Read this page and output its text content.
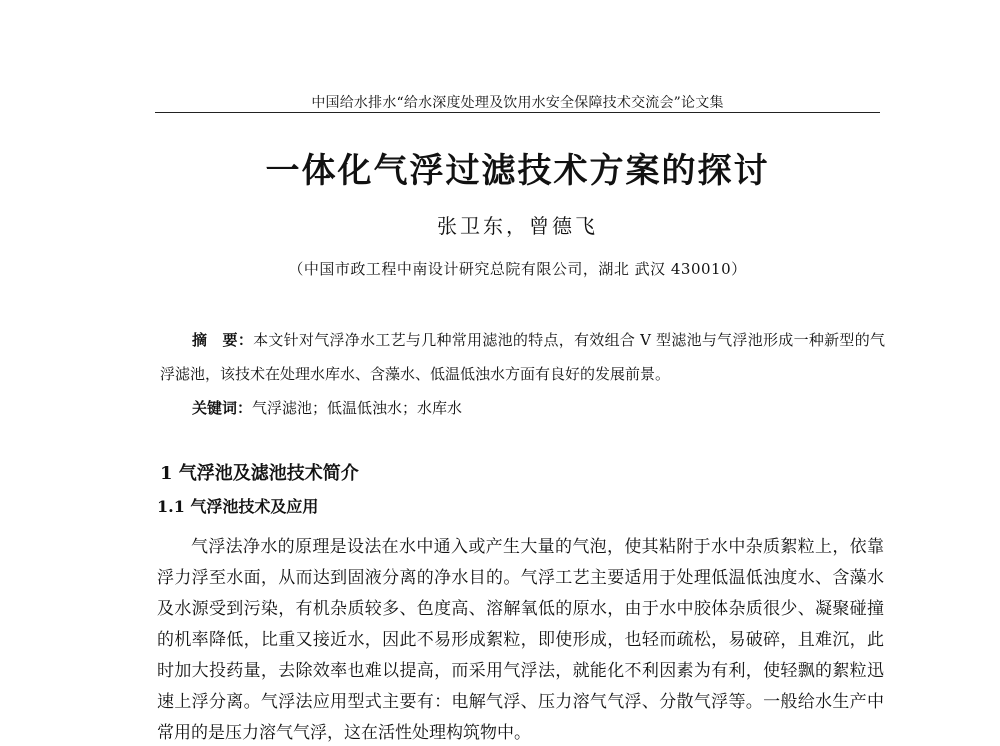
中国给水排水“给水深度处理及饮用水安全保障技术交流会”论文集
一体化气浮过滤技术方案的探讨
张卫东，曾德飞
（中国市政工程中南设计研究总院有限公司，湖北 武汉 430010）
摘　要：本文针对气浮净水工艺与几种常用滤池的特点，有效组合 V 型滤池与气浮池形成一种新型的气浮滤池，该技术在处理水库水、含藻水、低温低浊水方面有良好的发展前景。
关键词：气浮滤池；低温低浊水；水库水
1 气浮池及滤池技术简介
1.1 气浮池技术及应用
气浮法净水的原理是设法在水中通入或产生大量的气泡，使其粘附于水中杂质絮粒上，依靠浮力浮至水面，从而达到固液分离的净水目的。气浮工艺主要适用于处理低温低浊度水、含藻水及水源受到污染，有机杂质较多、色度高、溶解氧低的原水，由于水中胶体杂质很少、凝聚碰撞的机率降低，比重又接近水，因此不易形成絮粒，即使形成，也轻而疏松，易破碎，且难沉，此时加大投药量，去除效率也难以提高，而采用气浮法，就能化不利因素为有利，使轻飘的絮粒迅速上浮分离。气浮法应用型式主要有：电解气浮、压力溶气气浮、分散气浮等。一般给水生产中常用的是压力溶气气浮，这在活性处理构筑物中。
